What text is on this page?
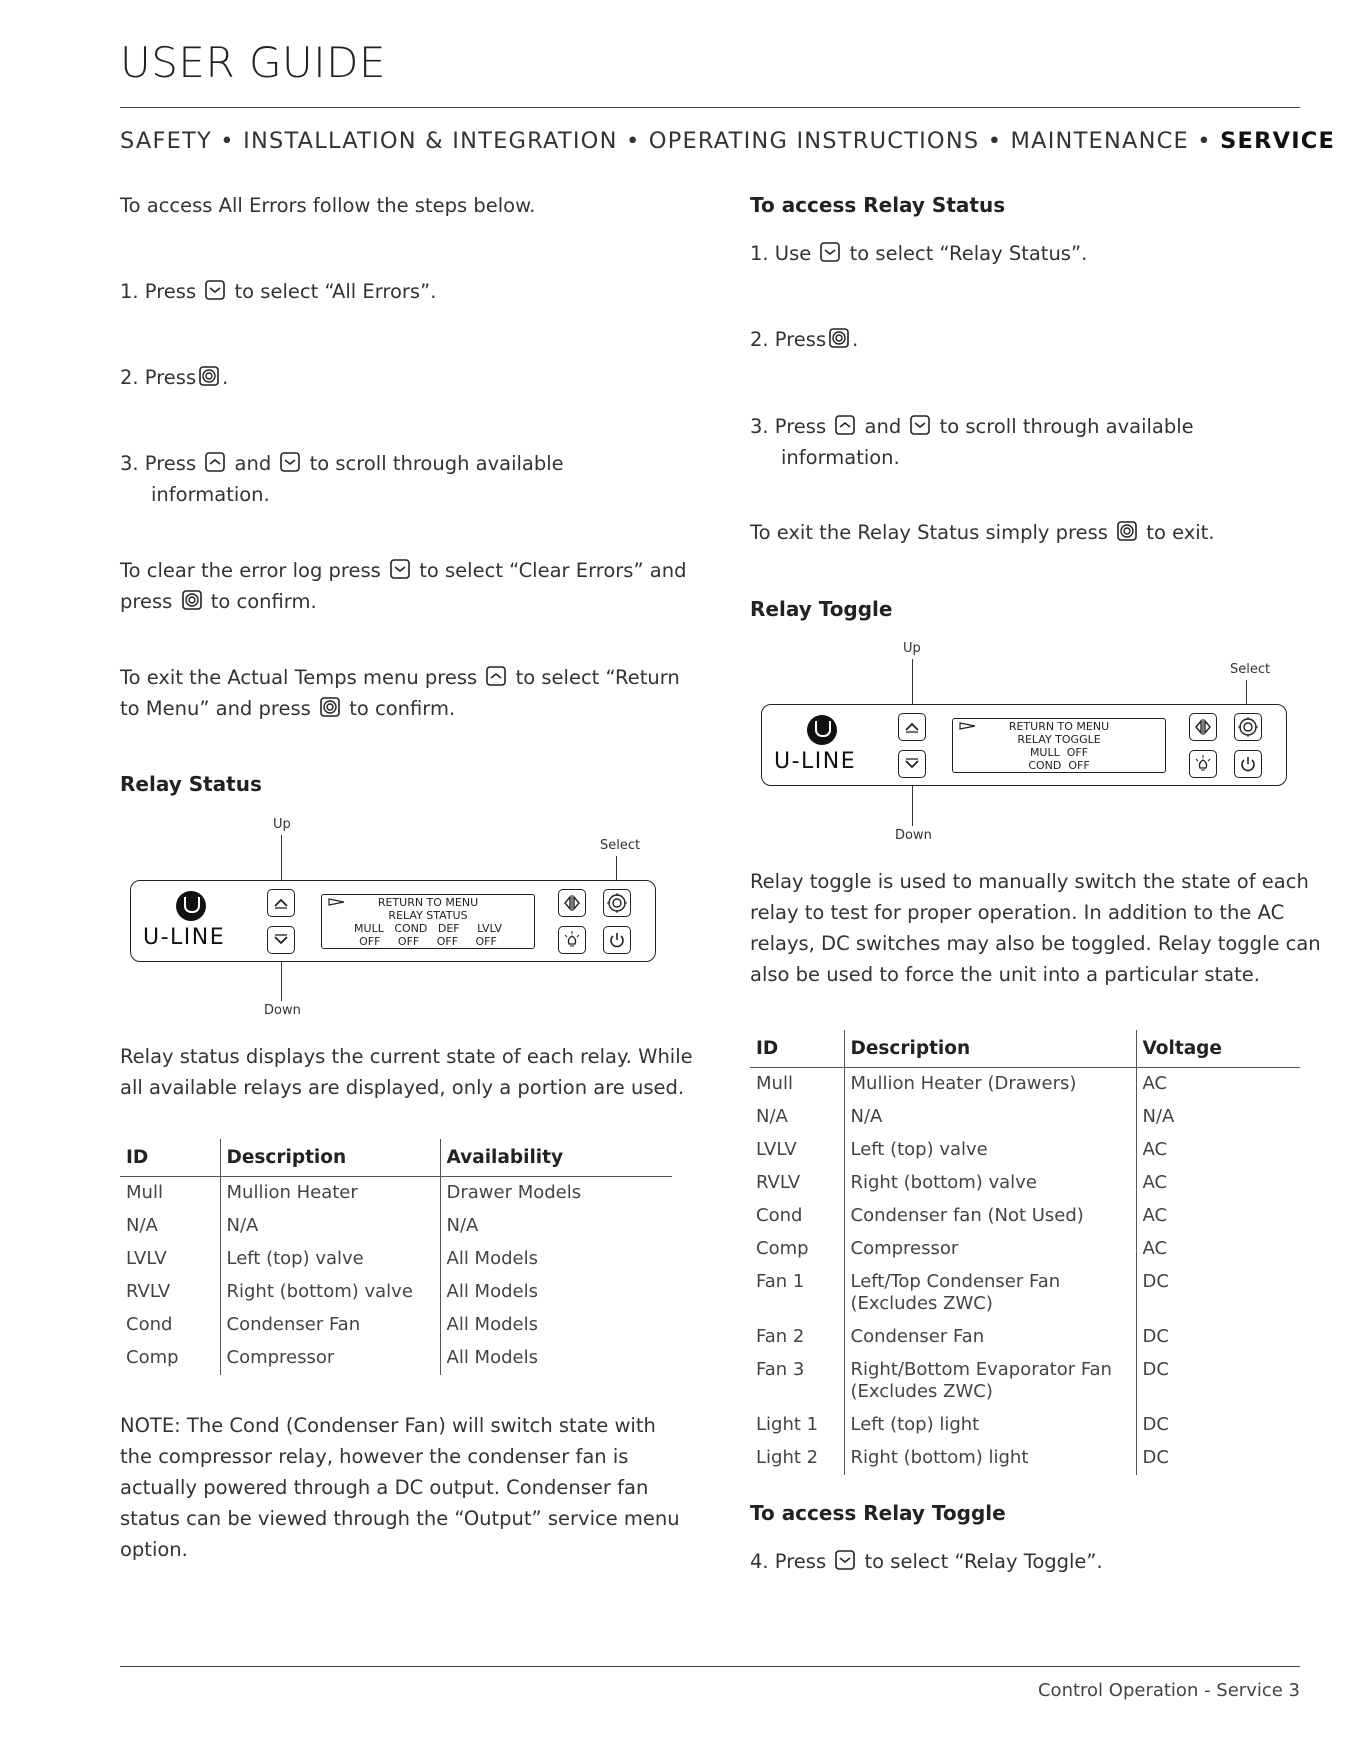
USER GUIDE
SAFETY • INSTALLATION & INTEGRATION • OPERATING INSTRUCTIONS • MAINTENANCE • SERVICE
To access All Errors follow the steps below.
1. Press to select “All Errors”.
2. Press .
3. Press and to scroll through available
information.
To clear the error log press to select “Clear Errors” and
press to confirm.
To exit the Actual Temps menu press to select “Return
to Menu” and press to confirm.
Relay Status
Up
Select
Down
U-LINE
RETURN TO MENU
RELAY STATUS
MULL   COND   DEF     LVLV
OFF     OFF     OFF     OFF
Relay status displays the current state of each relay. While
all available relays are displayed, only a portion are used.
ID	Description	Availability
Mull	Mullion Heater	Drawer Models
N/A	N/A	N/A
LVLV	Left (top) valve	All Models
RVLV	Right (bottom) valve	All Models
Cond	Condenser Fan	All Models
Comp	Compressor	All Models
NOTE: The Cond (Condenser Fan) will switch state with
the compressor relay, however the condenser fan is
actually powered through a DC output. Condenser fan
status can be viewed through the “Output” service menu
option.
To access Relay Status
1. Use to select “Relay Status”.
2. Press .
3. Press and to scroll through available
information.
To exit the Relay Status simply press to exit.
Relay Toggle
Up
Select
Down
U-LINE
RETURN TO MENU
RELAY TOGGLE
MULL  OFF
COND  OFF
Relay toggle is used to manually switch the state of each
relay to test for proper operation. In addition to the AC
relays, DC switches may also be toggled. Relay toggle can
also be used to force the unit into a particular state.
ID	Description	Voltage
Mull	Mullion Heater (Drawers)	AC
N/A	N/A	N/A
LVLV	Left (top) valve	AC
RVLV	Right (bottom) valve	AC
Cond	Condenser fan (Not Used)	AC
Comp	Compressor	AC
Fan 1	Left/Top Condenser Fan (Excludes ZWC)	DC
Fan 2	Condenser Fan	DC
Fan 3	Right/Bottom Evaporator Fan (Excludes ZWC)	DC
Light 1	Left (top) light	DC
Light 2	Right (bottom) light	DC
To access Relay Toggle
4. Press to select “Relay Toggle”.
Control Operation - Service 3
